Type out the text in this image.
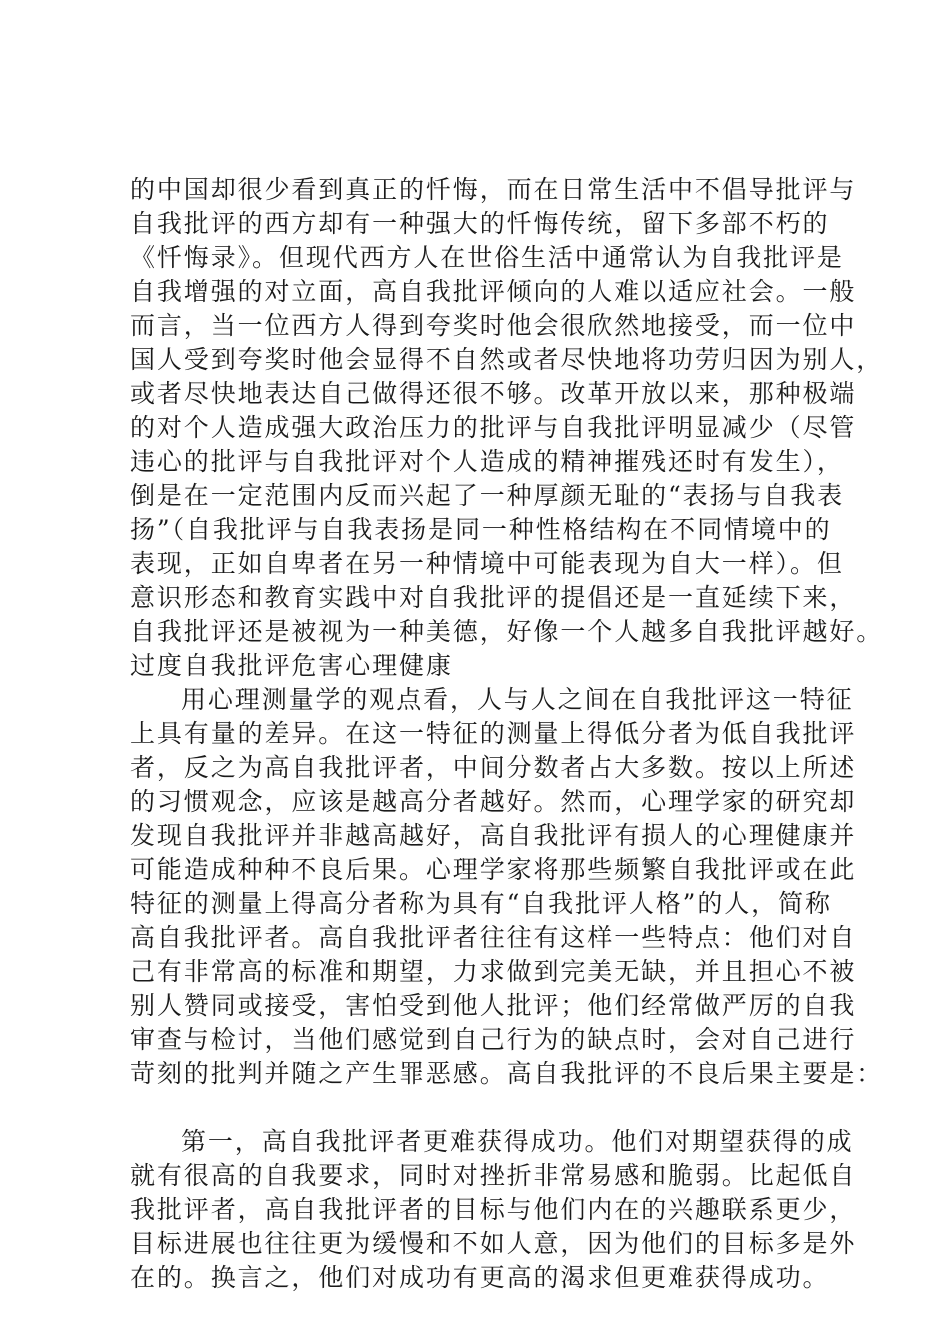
的中国却很少看到真正的忏悔，而在日常生活中不倡导批评与
自我批评的西方却有一种强大的忏悔传统，留下多部不朽的
《忏悔录》。但现代西方人在世俗生活中通常认为自我批评是
自我增强的对立面，高自我批评倾向的人难以适应社会。一般
而言，当一位西方人得到夸奖时他会很欣然地接受，而一位中
国人受到夸奖时他会显得不自然或者尽快地将功劳归因为别人，
或者尽快地表达自己做得还很不够。改革开放以来，那种极端
的对个人造成强大政治压力的批评与自我批评明显减少（尽管
违心的批评与自我批评对个人造成的精神摧残还时有发生），
倒是在一定范围内反而兴起了一种厚颜无耻的“表扬与自我表
扬”（自我批评与自我表扬是同一种性格结构在不同情境中的
表现，正如自卑者在另一种情境中可能表现为自大一样）。但
意识形态和教育实践中对自我批评的提倡还是一直延续下来，
自我批评还是被视为一种美德，好像一个人越多自我批评越好。
过度自我批评危害心理健康
用心理测量学的观点看，人与人之间在自我批评这一特征
上具有量的差异。在这一特征的测量上得低分者为低自我批评
者，反之为高自我批评者，中间分数者占大多数。按以上所述
的习惯观念，应该是越高分者越好。然而，心理学家的研究却
发现自我批评并非越高越好，高自我批评有损人的心理健康并
可能造成种种不良后果。心理学家将那些频繁自我批评或在此
特征的测量上得高分者称为具有“自我批评人格”的人，简称
高自我批评者。高自我批评者往往有这样一些特点：他们对自
己有非常高的标准和期望，力求做到完美无缺，并且担心不被
别人赞同或接受，害怕受到他人批评；他们经常做严厉的自我
审查与检讨，当他们感觉到自己行为的缺点时，会对自己进行
苛刻的批判并随之产生罪恶感。高自我批评的不良后果主要是：
第一，高自我批评者更难获得成功。他们对期望获得的成
就有很高的自我要求，同时对挫折非常易感和脆弱。比起低自
我批评者，高自我批评者的目标与他们内在的兴趣联系更少，
目标进展也往往更为缓慢和不如人意，因为他们的目标多是外
在的。换言之，他们对成功有更高的渴求但更难获得成功。
